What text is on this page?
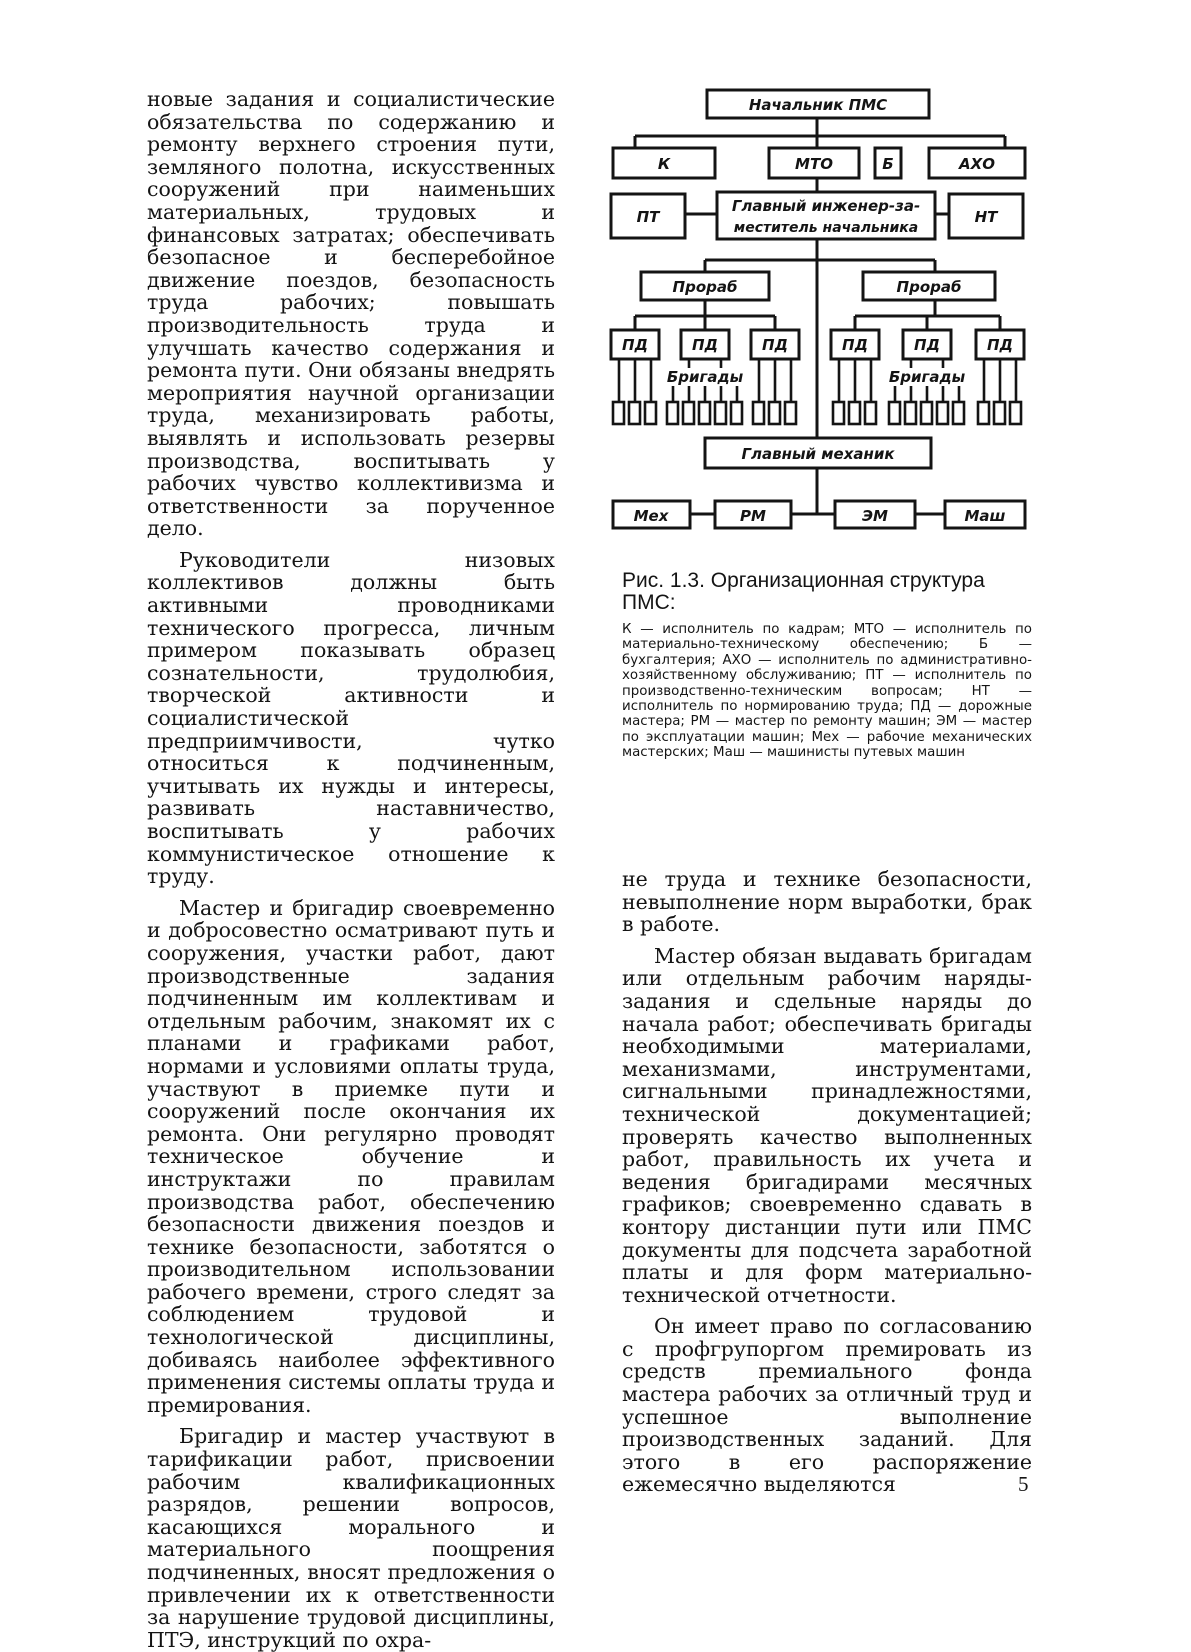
новые задания и социалистические обязательства по содержанию и ремонту верхнего строения пути, земляного полотна, искусственных сооружений при наименьших материальных, трудовых и финансовых затратах; обеспечивать безопасное и бесперебойное движение поездов, безопасность труда рабочих; повышать производительность труда и улучшать качество содержания и ремонта пути. Они обязаны внедрять мероприятия научной организации труда, механизировать работы, выявлять и использовать резервы производства, воспитывать у рабочих чувство коллективизма и ответственности за порученное дело.

Руководители низовых коллективов должны быть активными проводниками технического прогресса, личным примером показывать образец сознательности, трудолюбия, творческой активности и социалистической предприимчивости, чутко относиться к подчиненным, учитывать их нужды и интересы, развивать наставничество, воспитывать у рабочих коммунистическое отношение к труду.

Мастер и бригадир своевременно и добросовестно осматривают путь и сооружения, участки работ, дают производственные задания подчиненным им коллективам и отдельным рабочим, знакомят их с планами и графиками работ, нормами и условиями оплаты труда, участвуют в приемке пути и сооружений после окончания их ремонта. Они регулярно проводят техническое обучение и инструктажи по правилам производства работ, обеспечению безопасности движения поездов и технике безопасности, заботятся о производительном использовании рабочего времени, строго следят за соблюдением трудовой и технологической дисциплины, добиваясь наиболее эффективного применения системы оплаты труда и премирования.

Бригадир и мастер участвуют в тарификации работ, присвоении рабочим квалификационных разрядов, решении вопросов, касающихся морального и материального поощрения подчиненных, вносят предложения о привлечении их к ответственности за нарушение трудовой дисциплины, ПТЭ, инструкций по охра-

Начальник ПМС
К	МТО	Б	АХО
ПТ
Главный инженер-за-
меститель начальника
НТ
Прораб	Прораб
ПД	ПД	ПД	ПД	ПД	ПД
Бригады	Бригады
Главный механик
Мех	РМ	ЭМ	Маш

Рис. 1.3. Организационная структура ПМС:

К — исполнитель по кадрам; МТО — исполнитель по материально-техническому обеспечению; Б — бухгалтерия; АХО — исполнитель по административно-хозяйственному обслуживанию; ПТ — исполнитель по производственно-техническим вопросам; НТ — исполнитель по нормированию труда; ПД — дорожные мастера; РМ — мастер по ремонту машин; ЭМ — мастер по эксплуатации машин; Мех — рабочие механических мастерских; Маш — машинисты путевых машин

не труда и технике безопасности, невыполнение норм выработки, брак в работе.

Мастер обязан выдавать бригадам или отдельным рабочим наряды-задания и сдельные наряды до начала работ; обеспечивать бригады необходимыми материалами, механизмами, инструментами, сигнальными принадлежностями, технической документацией; проверять качество выполненных работ, правильность их учета и ведения бригадирами месячных графиков; своевременно сдавать в контору дистанции пути или ПМС документы для подсчета заработной платы и для форм материально-технической отчетности.

Он имеет право по согласованию с профгрупоргом премировать из средств премиального фонда мастера рабочих за отличный труд и успешное выполнение производственных заданий. Для этого в его распоряжение ежемесячно выделяются	5
